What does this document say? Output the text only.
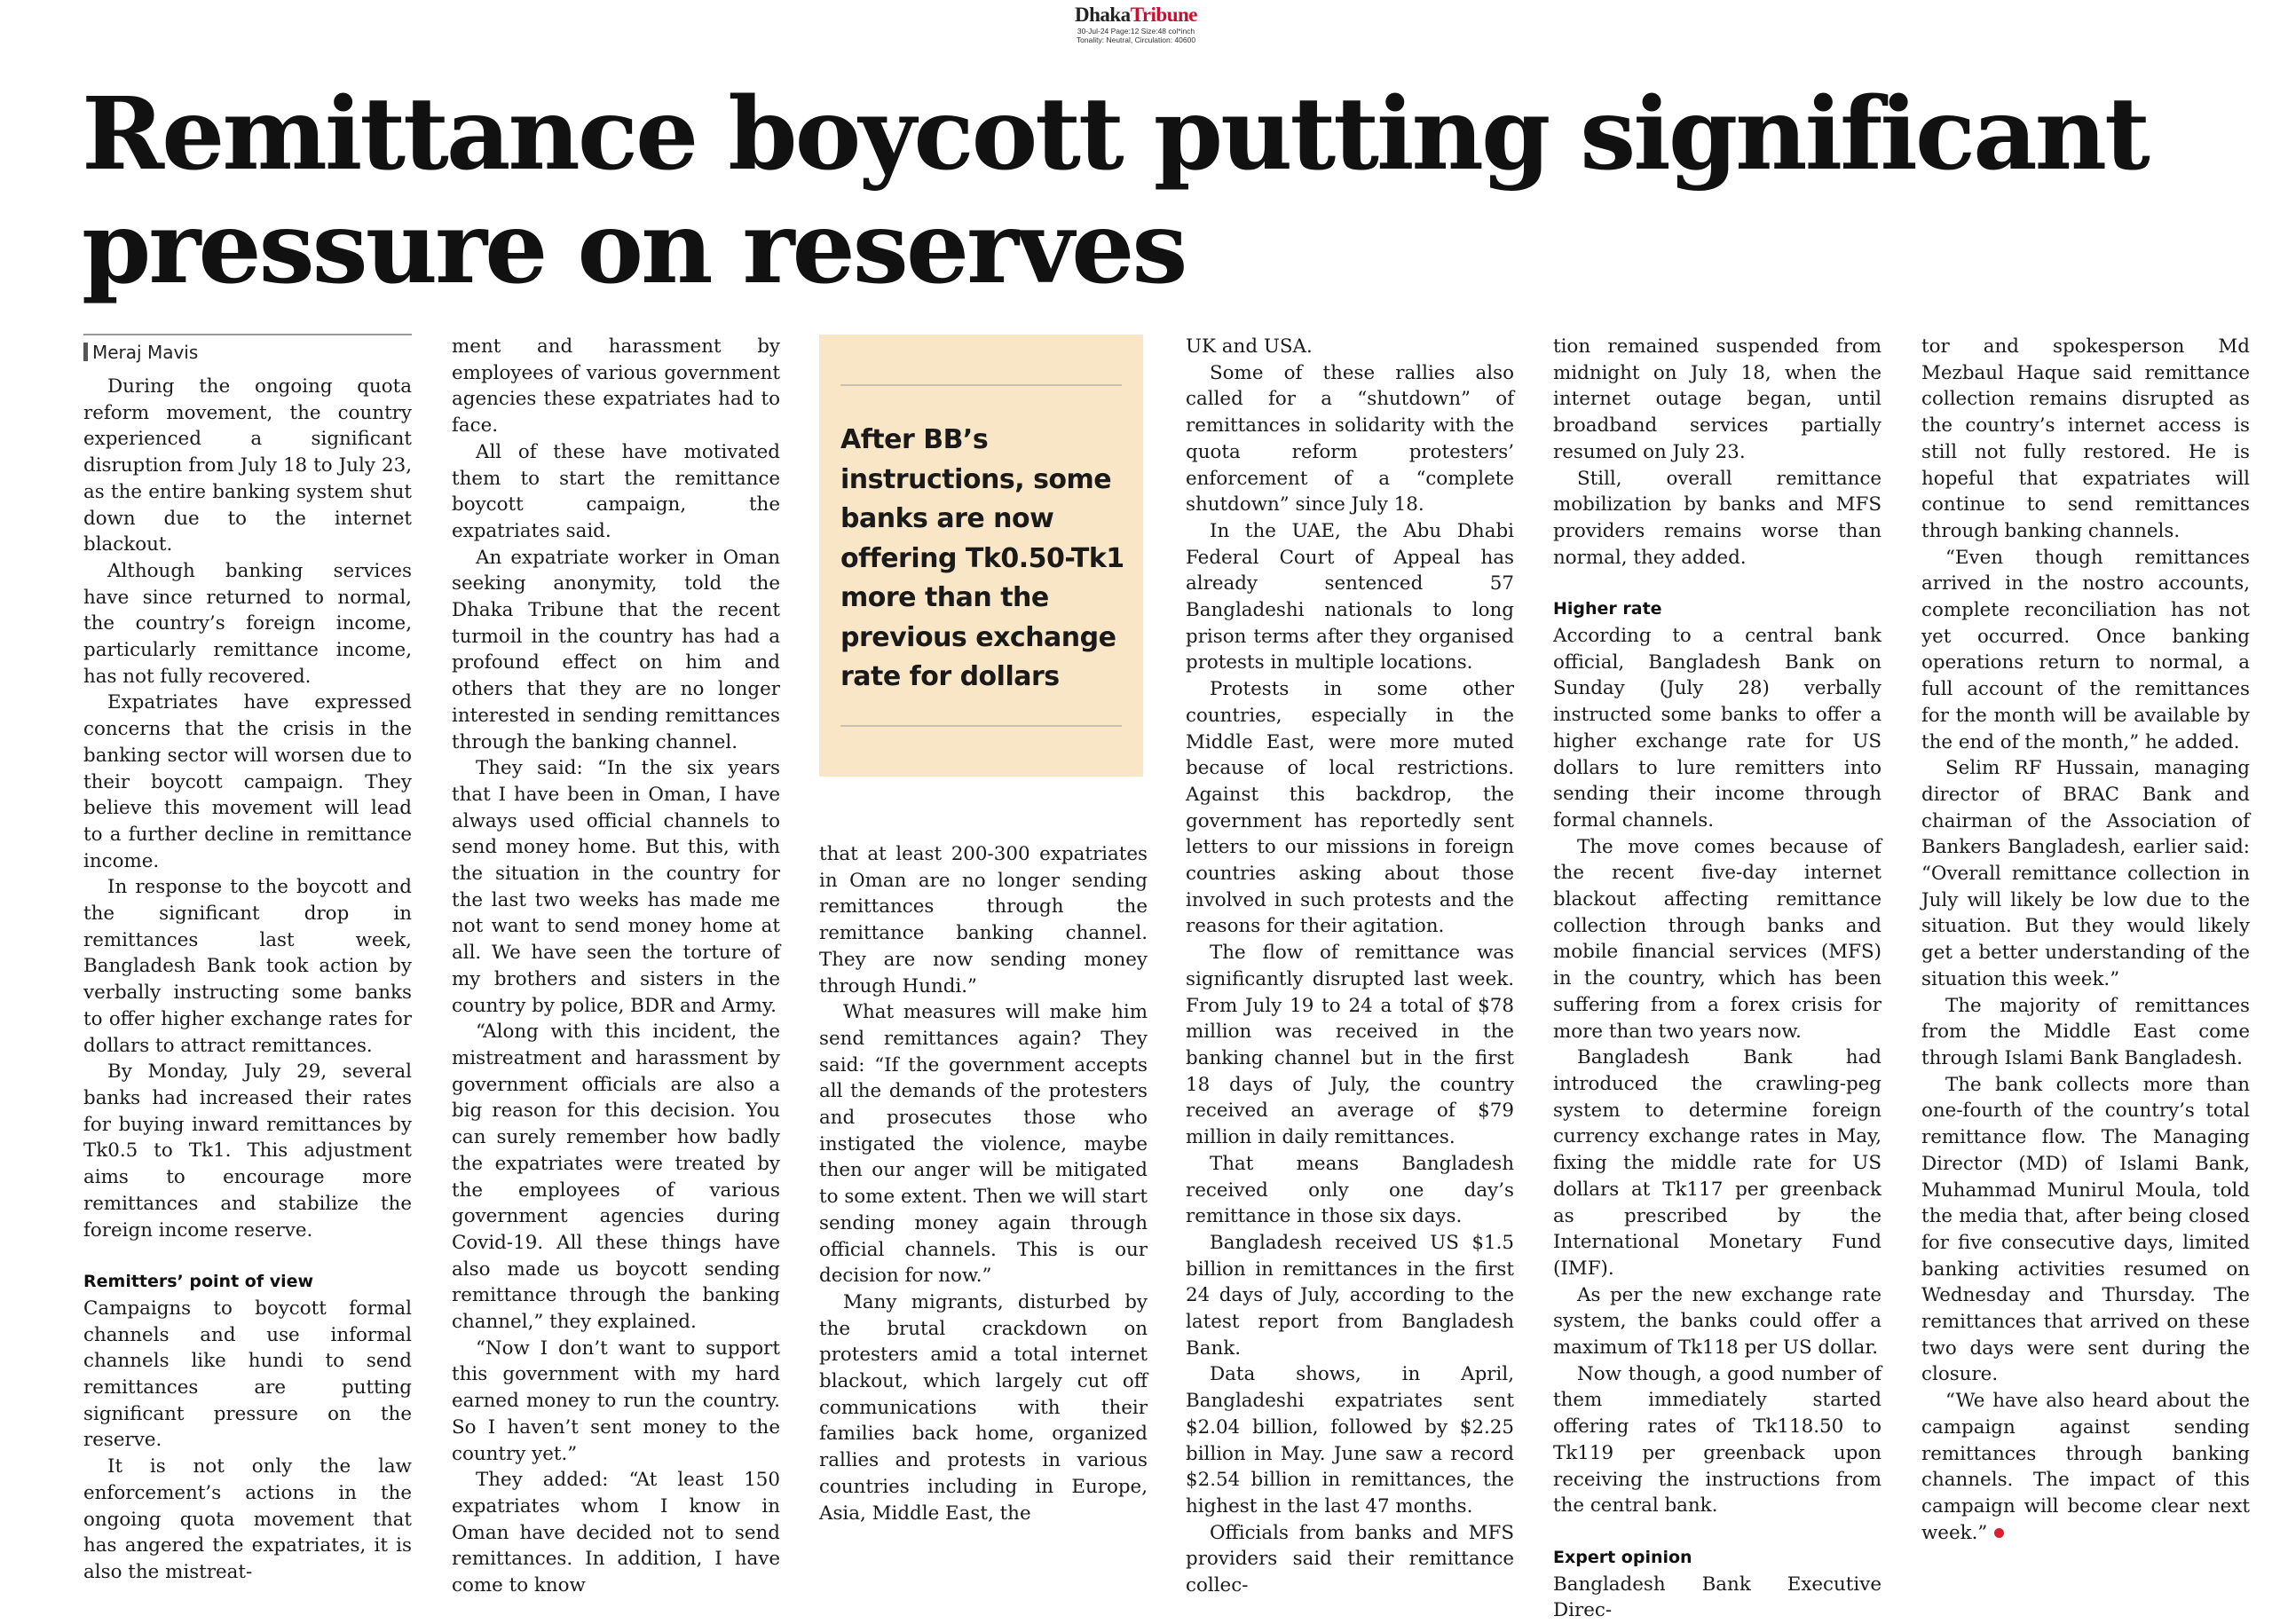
DhakaTribune
30-Jul-24 Page:12 Size:48 col*inch
Tonality: Neutral, Circulation: 40600
Remittance boycott putting significant pressure on reserves
Meraj Mavis

During the ongoing quota reform movement, the country experienced a significant disruption from July 18 to July 23, as the entire banking system shut down due to the internet blackout.

Although banking services have since returned to normal, the country’s foreign income, particularly remittance income, has not fully recovered.

Expatriates have expressed concerns that the crisis in the banking sector will worsen due to their boycott campaign. They believe this movement will lead to a further decline in remittance income.

In response to the boycott and the significant drop in remittances last week, Bangladesh Bank took action by verbally instructing some banks to offer higher exchange rates for dollars to attract remittances.

By Monday, July 29, several banks had increased their rates for buying inward remittances by Tk0.5 to Tk1. This adjustment aims to encourage more remittances and stabilize the foreign income reserve.

Remitters’ point of view

Campaigns to boycott formal channels and use informal channels like hundi to send remittances are putting significant pressure on the reserve.

It is not only the law enforcement’s actions in the ongoing quota movement that has angered the expatriates, it is also the mistreat-

ment and harassment by employees of various government agencies these expatriates had to face.

All of these have motivated them to start the remittance boycott campaign, the expatriates said.

An expatriate worker in Oman seeking anonymity, told the Dhaka Tribune that the recent turmoil in the country has had a profound effect on him and others that they are no longer interested in sending remittances through the banking channel.

They said: “In the six years that I have been in Oman, I have always used official channels to send money home. But this, with the situation in the country for the last two weeks has made me not want to send money home at all. We have seen the torture of my brothers and sisters in the country by police, BDR and Army.

“Along with this incident, the mistreatment and harassment by government officials are also a big reason for this decision. You can surely remember how badly the expatriates were treated by the employees of various government agencies during Covid-19. All these things have also made us boycott sending remittance through the banking channel,” they explained.

“Now I don’t want to support this government with my hard earned money to run the country. So I haven’t sent money to the country yet.”

They added: “At least 150 expatriates whom I know in Oman have decided not to send remittances. In addition, I have come to know

After BB’s instructions, some banks are now offering Tk0.50-Tk1 more than the previous exchange rate for dollars

that at least 200-300 expatriates in Oman are no longer sending remittances through the remittance banking channel. They are now sending money through Hundi.”

What measures will make him send remittances again? They said: “If the government accepts all the demands of the protesters and prosecutes those who instigated the violence, maybe then our anger will be mitigated to some extent. Then we will start sending money again through official channels. This is our decision for now.”

Many migrants, disturbed by the brutal crackdown on protesters amid a total internet blackout, which largely cut off communications with their families back home, organized rallies and protests in various countries including in Europe, Asia, Middle East, the

UK and USA.

Some of these rallies also called for a “shutdown” of remittances in solidarity with the quota reform protesters’ enforcement of a “complete shutdown” since July 18.

In the UAE, the Abu Dhabi Federal Court of Appeal has already sentenced 57 Bangladeshi nationals to long prison terms after they organised protests in multiple locations.

Protests in some other countries, especially in the Middle East, were more muted because of local restrictions. Against this backdrop, the government has reportedly sent letters to our missions in foreign countries asking about those involved in such protests and the reasons for their agitation.

The flow of remittance was significantly disrupted last week. From July 19 to 24 a total of $78 million was received in the banking channel but in the first 18 days of July, the country received an average of $79 million in daily remittances.

That means Bangladesh received only one day’s remittance in those six days.

Bangladesh received US $1.5 billion in remittances in the first 24 days of July, according to the latest report from Bangladesh Bank.

Data shows, in April, Bangladeshi expatriates sent $2.04 billion, followed by $2.25 billion in May. June saw a record $2.54 billion in remittances, the highest in the last 47 months.

Officials from banks and MFS providers said their remittance collec-

tion remained suspended from midnight on July 18, when the internet outage began, until broadband services partially resumed on July 23.

Still, overall remittance mobilization by banks and MFS providers remains worse than normal, they added.

Higher rate

According to a central bank official, Bangladesh Bank on Sunday (July 28) verbally instructed some banks to offer a higher exchange rate for US dollars to lure remitters into sending their income through formal channels.

The move comes because of the recent five-day internet blackout affecting remittance collection through banks and mobile financial services (MFS) in the country, which has been suffering from a forex crisis for more than two years now.

Bangladesh Bank had introduced the crawling-peg system to determine foreign currency exchange rates in May, fixing the middle rate for US dollars at Tk117 per greenback as prescribed by the International Monetary Fund (IMF).

As per the new exchange rate system, the banks could offer a maximum of Tk118 per US dollar.

Now though, a good number of them immediately started offering rates of Tk118.50 to Tk119 per greenback upon receiving the instructions from the central bank.

Expert opinion

Bangladesh Bank Executive Direc-

tor and spokesperson Md Mezbaul Haque said remittance collection remains disrupted as the country’s internet access is still not fully restored. He is hopeful that expatriates will continue to send remittances through banking channels.

“Even though remittances arrived in the nostro accounts, complete reconciliation has not yet occurred. Once banking operations return to normal, a full account of the remittances for the month will be available by the end of the month,” he added.

Selim RF Hussain, managing director of BRAC Bank and chairman of the Association of Bankers Bangladesh, earlier said: “Overall remittance collection in July will likely be low due to the situation. But they would likely get a better understanding of the situation this week.”

The majority of remittances from the Middle East come through Islami Bank Bangladesh.

The bank collects more than one-fourth of the country’s total remittance flow. The Managing Director (MD) of Islami Bank, Muhammad Munirul Moula, told the media that, after being closed for five consecutive days, limited banking activities resumed on Wednesday and Thursday. The remittances that arrived on these two days were sent during the closure.

“We have also heard about the campaign against sending remittances through banking channels. The impact of this campaign will become clear next week.”
